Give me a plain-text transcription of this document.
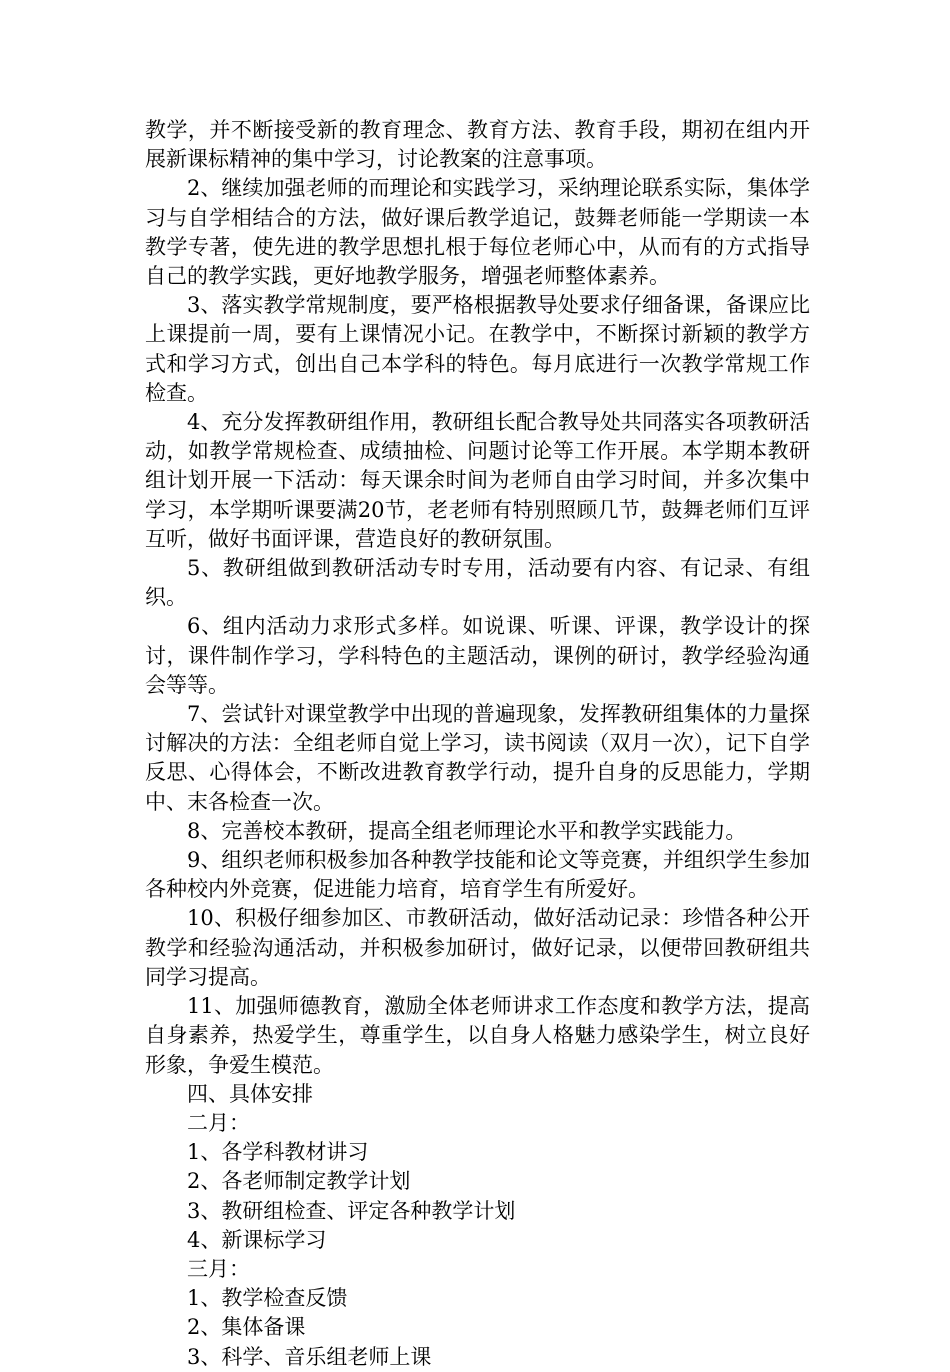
教学，并不断接受新的教育理念、教育方法、教育手段，期初在组内开展新课标精神的集中学习，讨论教案的注意事项。

2、继续加强老师的而理论和实践学习，采纳理论联系实际，集体学习与自学相结合的方法，做好课后教学追记，鼓舞老师能一学期读一本教学专著，使先进的教学思想扎根于每位老师心中，从而有的方式指导自己的教学实践，更好地教学服务，增强老师整体素养。

3、落实教学常规制度，要严格根据教导处要求仔细备课，备课应比上课提前一周，要有上课情况小记。在教学中，不断探讨新颖的教学方式和学习方式，创出自己本学科的特色。每月底进行一次教学常规工作检查。

4、充分发挥教研组作用，教研组长配合教导处共同落实各项教研活动，如教学常规检查、成绩抽检、问题讨论等工作开展。本学期本教研组计划开展一下活动：每天课余时间为老师自由学习时间，并多次集中学习，本学期听课要满20节，老老师有特别照顾几节，鼓舞老师们互评互听，做好书面评课，营造良好的教研氛围。

5、教研组做到教研活动专时专用，活动要有内容、有记录、有组织。

6、组内活动力求形式多样。如说课、听课、评课，教学设计的探讨，课件制作学习，学科特色的主题活动，课例的研讨，教学经验沟通会等等。

7、尝试针对课堂教学中出现的普遍现象，发挥教研组集体的力量探讨解决的方法：全组老师自觉上学习，读书阅读（双月一次），记下自学反思、心得体会，不断改进教育教学行动，提升自身的反思能力，学期中、末各检查一次。

8、完善校本教研，提高全组老师理论水平和教学实践能力。

9、组织老师积极参加各种教学技能和论文等竞赛，并组织学生参加各种校内外竞赛，促进能力培育，培育学生有所爱好。

10、积极仔细参加区、市教研活动，做好活动记录：珍惜各种公开教学和经验沟通活动，并积极参加研讨，做好记录，以便带回教研组共同学习提高。

11、加强师德教育，激励全体老师讲求工作态度和教学方法，提高自身素养，热爱学生，尊重学生，以自身人格魅力感染学生，树立良好形象，争爱生模范。

四、具体安排

二月：

1、各学科教材讲习

2、各老师制定教学计划

3、教研组检查、评定各种教学计划

4、新课标学习

三月：

1、教学检查反馈

2、集体备课

3、科学、音乐组老师上课
